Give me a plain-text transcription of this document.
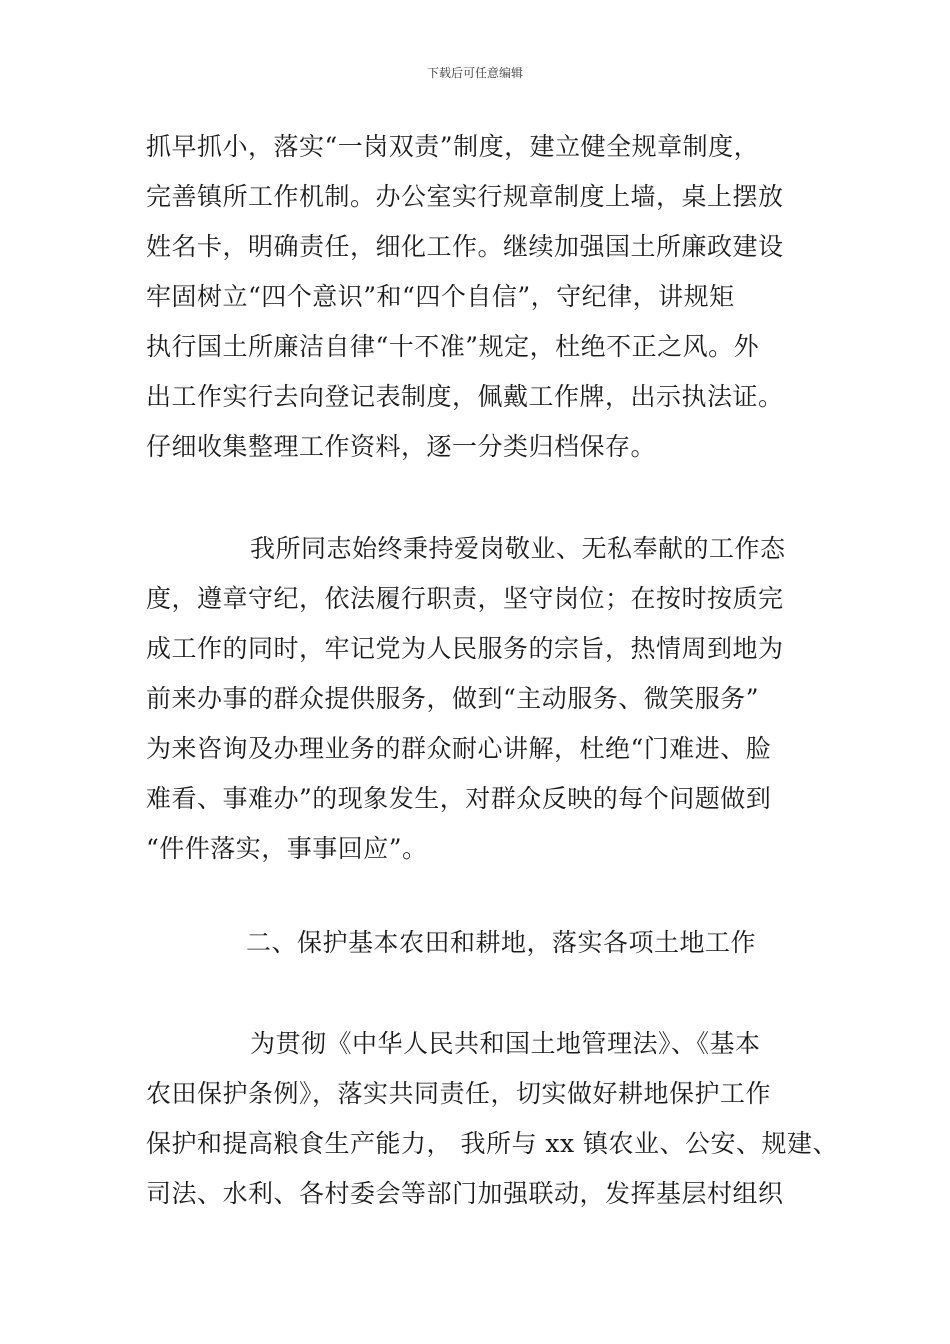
下载后可任意编辑
抓早抓小，落实“一岗双责”制度，建立健全规章制度，
完善镇所工作机制。办公室实行规章制度上墙，桌上摆放
姓名卡，明确责任，细化工作。继续加强国土所廉政建设
牢固树立“四个意识”和“四个自信”，守纪律，讲规矩
执行国土所廉洁自律“十不准”规定，杜绝不正之风。外
出工作实行去向登记表制度，佩戴工作牌，出示执法证。
仔细收集整理工作资料，逐一分类归档保存。
我所同志始终秉持爱岗敬业、无私奉献的工作态
度，遵章守纪，依法履行职责，坚守岗位；在按时按质完
成工作的同时，牢记党为人民服务的宗旨，热情周到地为
前来办事的群众提供服务，做到“主动服务、微笑服务”
为来咨询及办理业务的群众耐心讲解，杜绝“门难进、脸
难看、事难办”的现象发生，对群众反映的每个问题做到
“件件落实，事事回应”。
二、保护基本农田和耕地，落实各项土地工作
为贯彻《中华人民共和国土地管理法》、《基本
农田保护条例》，落实共同责任，切实做好耕地保护工作
保护和提高粮食生产能力， 我所与 xx 镇农业、公安、规建、
司法、水利、各村委会等部门加强联动，发挥基层村组织
